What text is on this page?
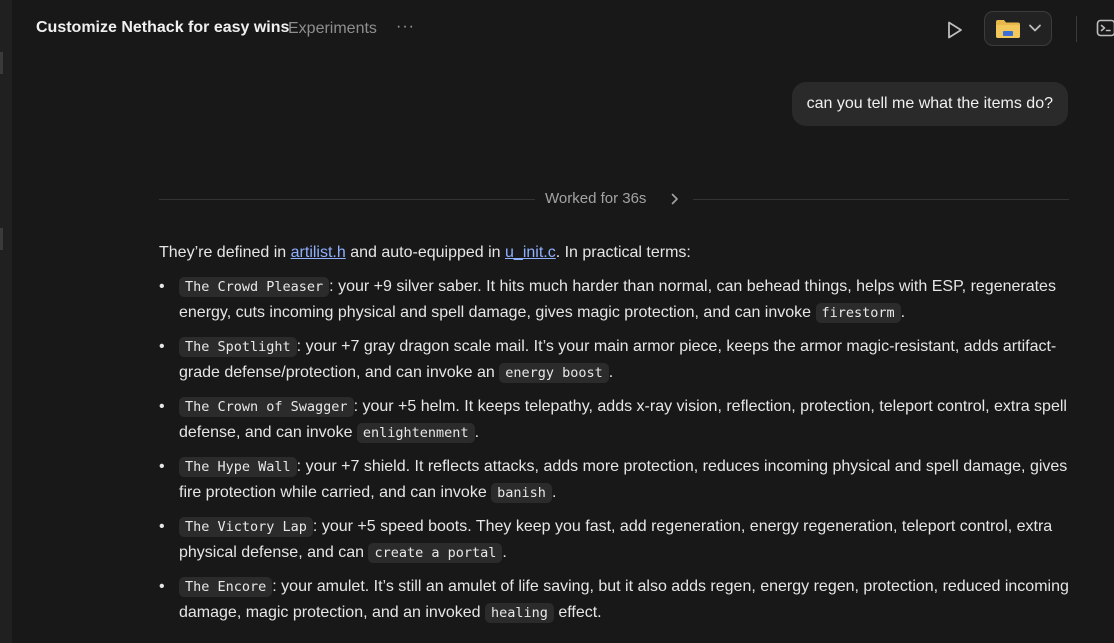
Customize Nethack for easy wins
Experiments ···
can you tell me what the items do?
Worked for 36s

They’re defined in artilist.h and auto-equipped in u_init.c. In practical terms:

• The Crowd Pleaser : your +9 silver saber. It hits much harder than normal, can behead things, helps with ESP, regenerates energy, cuts incoming physical and spell damage, gives magic protection, and can invoke firestorm .
• The Spotlight : your +7 gray dragon scale mail. It’s your main armor piece, keeps the armor magic-resistant, adds artifact-grade defense/protection, and can invoke an energy boost .
• The Crown of Swagger : your +5 helm. It keeps telepathy, adds x-ray vision, reflection, protection, teleport control, extra spell defense, and can invoke enlightenment .
• The Hype Wall : your +7 shield. It reflects attacks, adds more protection, reduces incoming physical and spell damage, gives fire protection while carried, and can invoke banish .
• The Victory Lap : your +5 speed boots. They keep you fast, add regeneration, energy regeneration, teleport control, extra physical defense, and can create a portal .
• The Encore : your amulet. It’s still an amulet of life saving, but it also adds regen, energy regen, protection, reduced incoming damage, magic protection, and an invoked healing effect.
